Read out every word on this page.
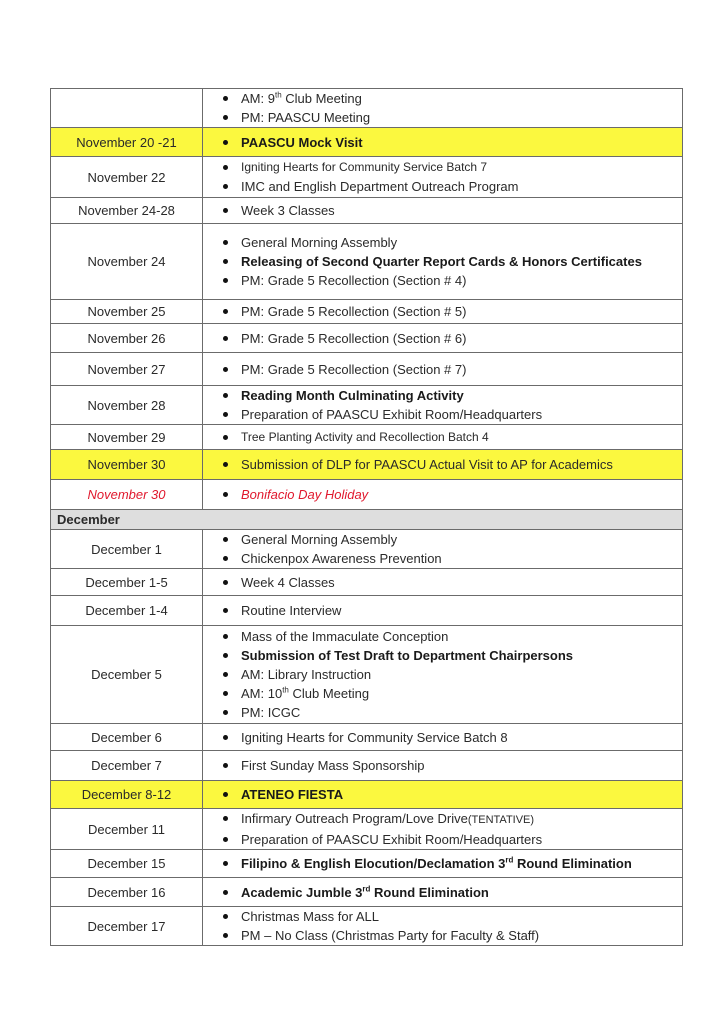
AM: 9th Club Meeting
PM: PAASCU Meeting

November 20 -21	PAASCU Mock Visit

November 22	
Igniting Hearts for Community Service Batch 7
IMC and English Department Outreach Program

November 24-28	Week 3 Classes

November 24	
General Morning Assembly
Releasing of Second Quarter Report Cards & Honors Certificates
PM: Grade 5 Recollection (Section # 4)

November 25	PM: Grade 5 Recollection (Section # 5)

November 26	PM: Grade 5 Recollection (Section # 6)

November 27	PM: Grade 5 Recollection (Section # 7)

November 28	
Reading Month Culminating Activity
Preparation of PAASCU Exhibit Room/Headquarters

November 29	Tree Planting Activity and Recollection Batch 4

November 30	Submission of DLP for PAASCU Actual Visit to AP for Academics

November 30	Bonifacio Day Holiday

December	
December 1	
General Morning Assembly
Chickenpox Awareness Prevention

December 1-5	Week 4 Classes

December 1-4	Routine Interview

December 5	
Mass of the Immaculate Conception
Submission of Test Draft to Department Chairpersons
AM: Library Instruction
AM: 10th Club Meeting
PM: ICGC

December 6	Igniting Hearts for Community Service Batch 8

December 7	First Sunday Mass Sponsorship

December 8-12	ATENEO FIESTA

December 11	
Infirmary Outreach Program/Love Drive(TENTATIVE)
Preparation of PAASCU Exhibit Room/Headquarters

December 15	Filipino & English Elocution/Declamation 3rd Round Elimination

December 16	Academic Jumble 3rd Round Elimination

December 17	
Christmas Mass for ALL
PM – No Class (Christmas Party for Faculty & Staff)
